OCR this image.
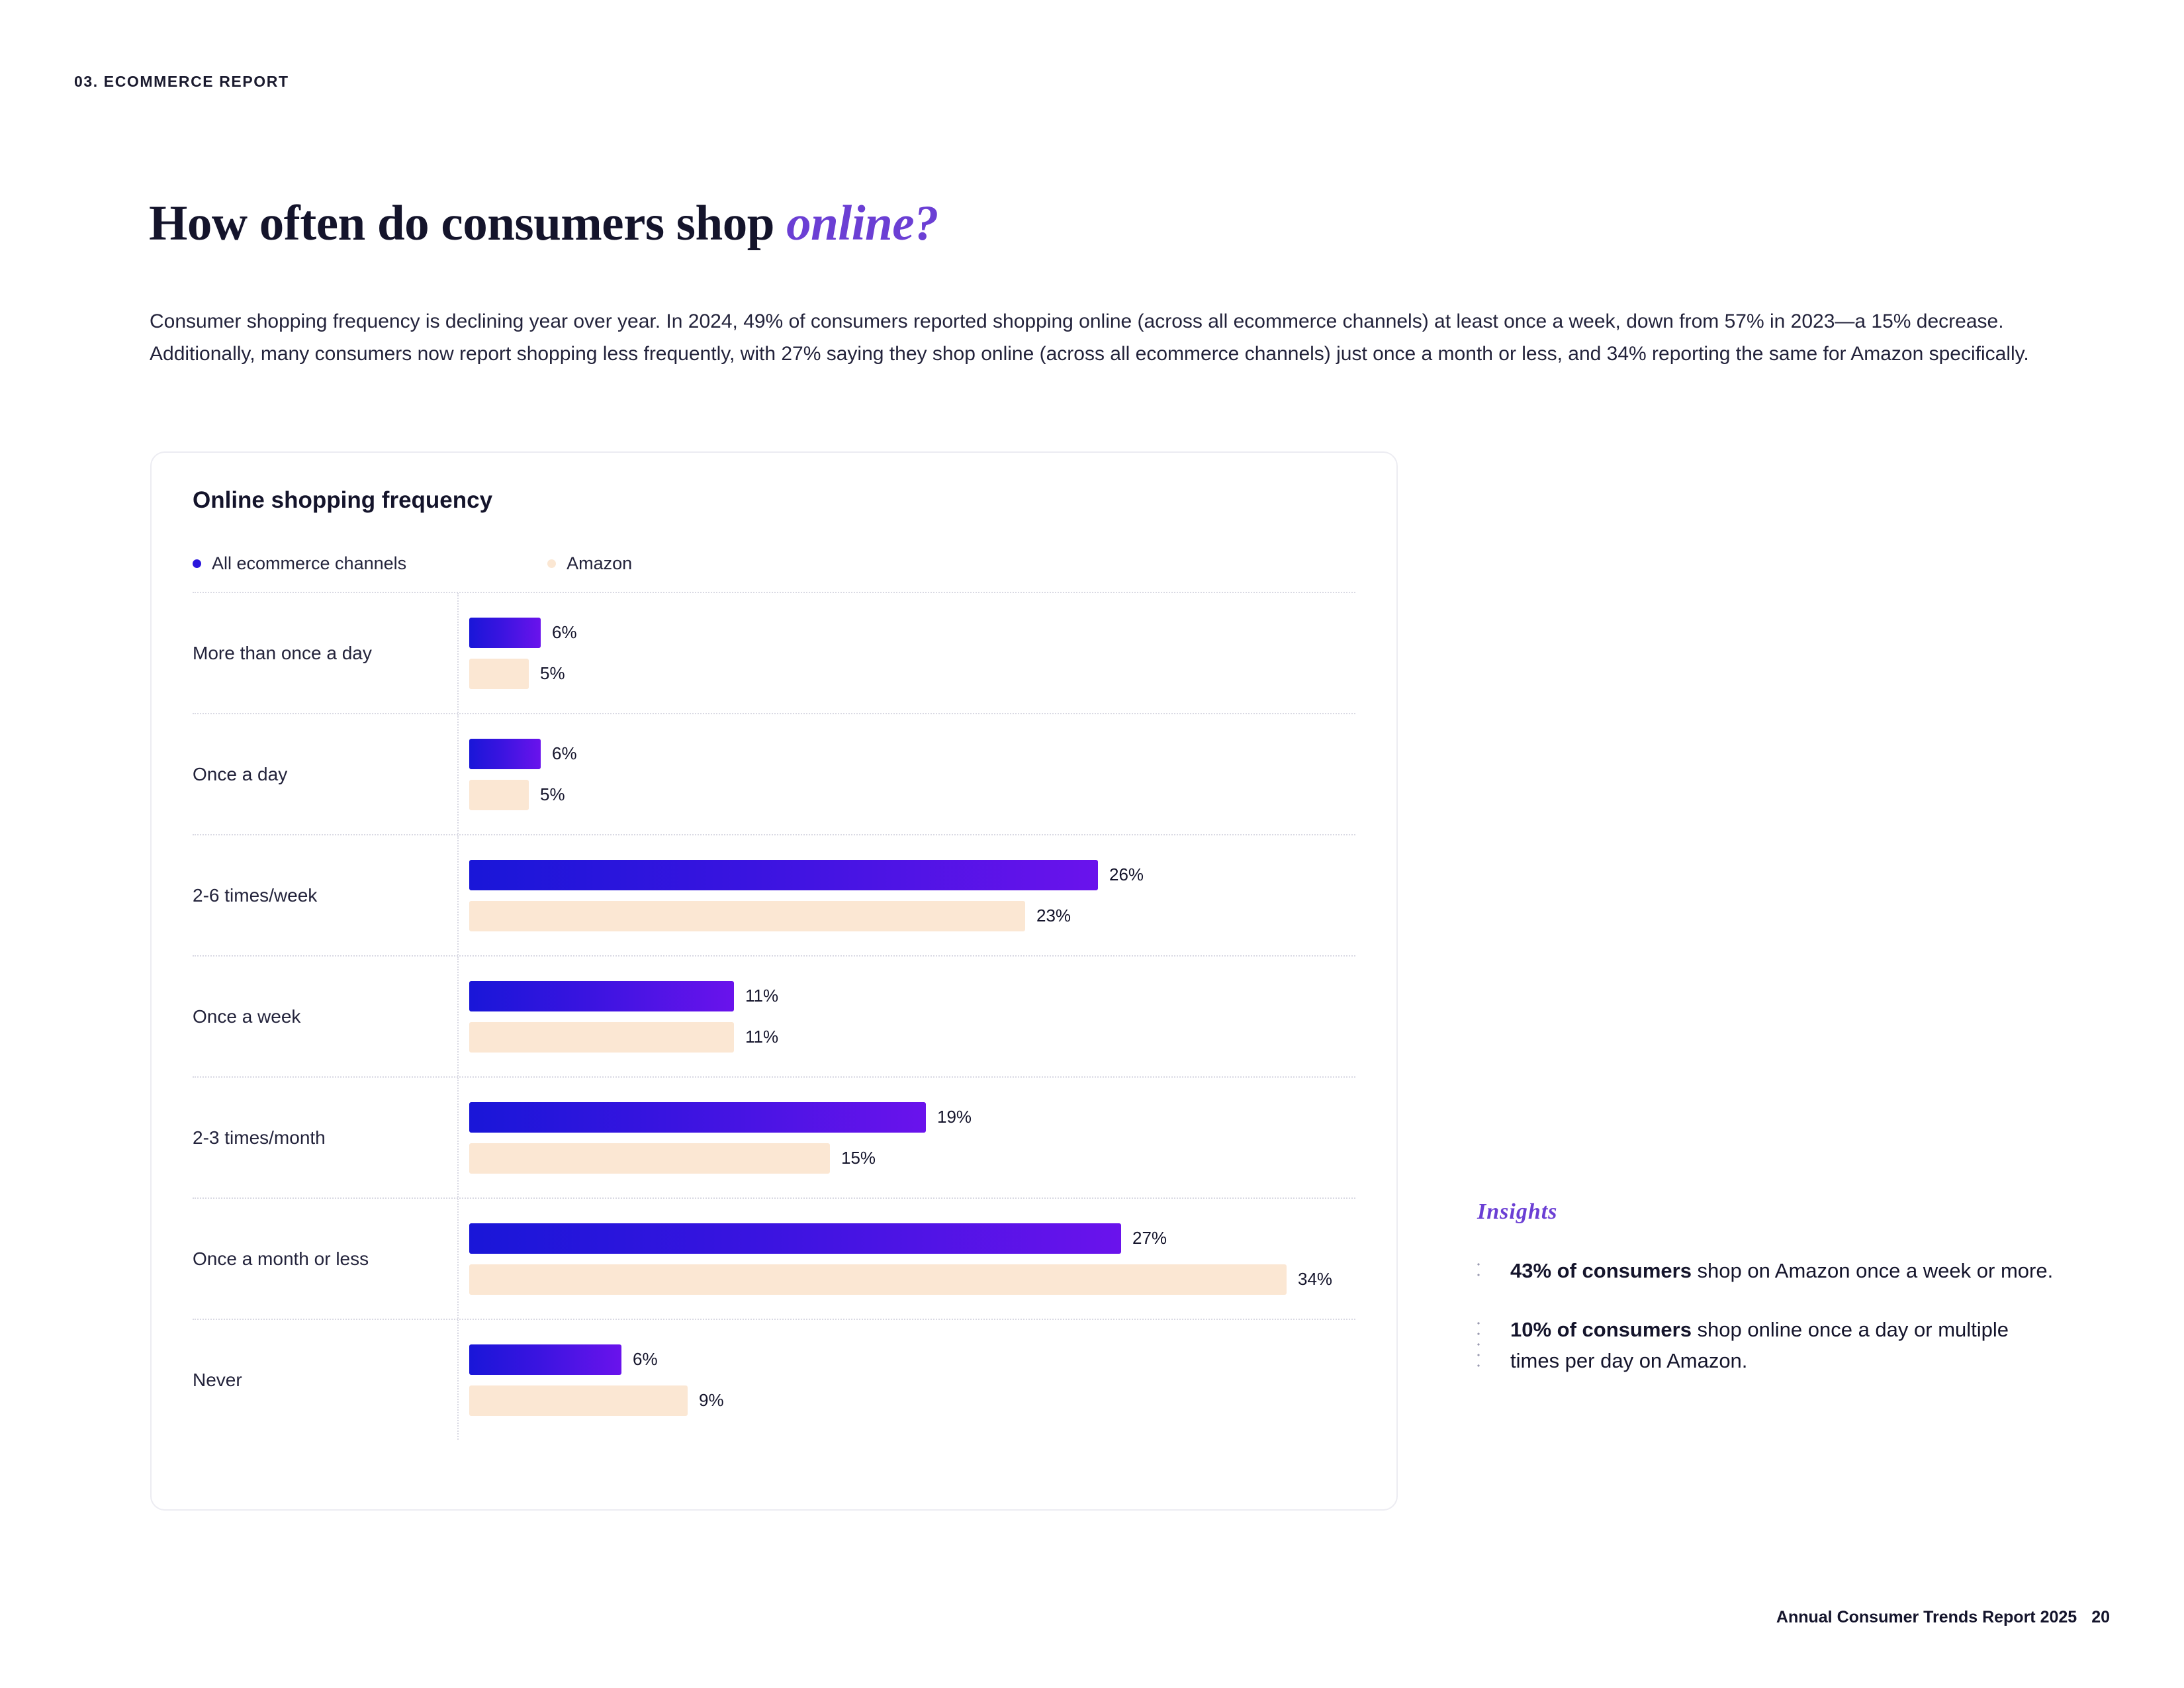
03. ECOMMERCE REPORT
How often do consumers shop online?
Consumer shopping frequency is declining year over year. In 2024, 49% of consumers reported shopping online (across all ecommerce channels) at least once a week, down from 57% in 2023—a 15% decrease. Additionally, many consumers now report shopping less frequently, with 27% saying they shop online (across all ecommerce channels) just once a month or less, and 34% reporting the same for Amazon specifically.
Online shopping frequency
All ecommerce channels	Amazon
More than once a day
6%
5%
Once a day
6%
5%
2-6 times/week
26%
23%
Once a week
11%
11%
2-3 times/month
19%
15%
Once a month or less
27%
34%
Never
6%
9%
Insights
43% of consumers shop on Amazon once a week or more.
10% of consumers shop online once a day or multiple times per day on Amazon.
Annual Consumer Trends Report 2025 20
